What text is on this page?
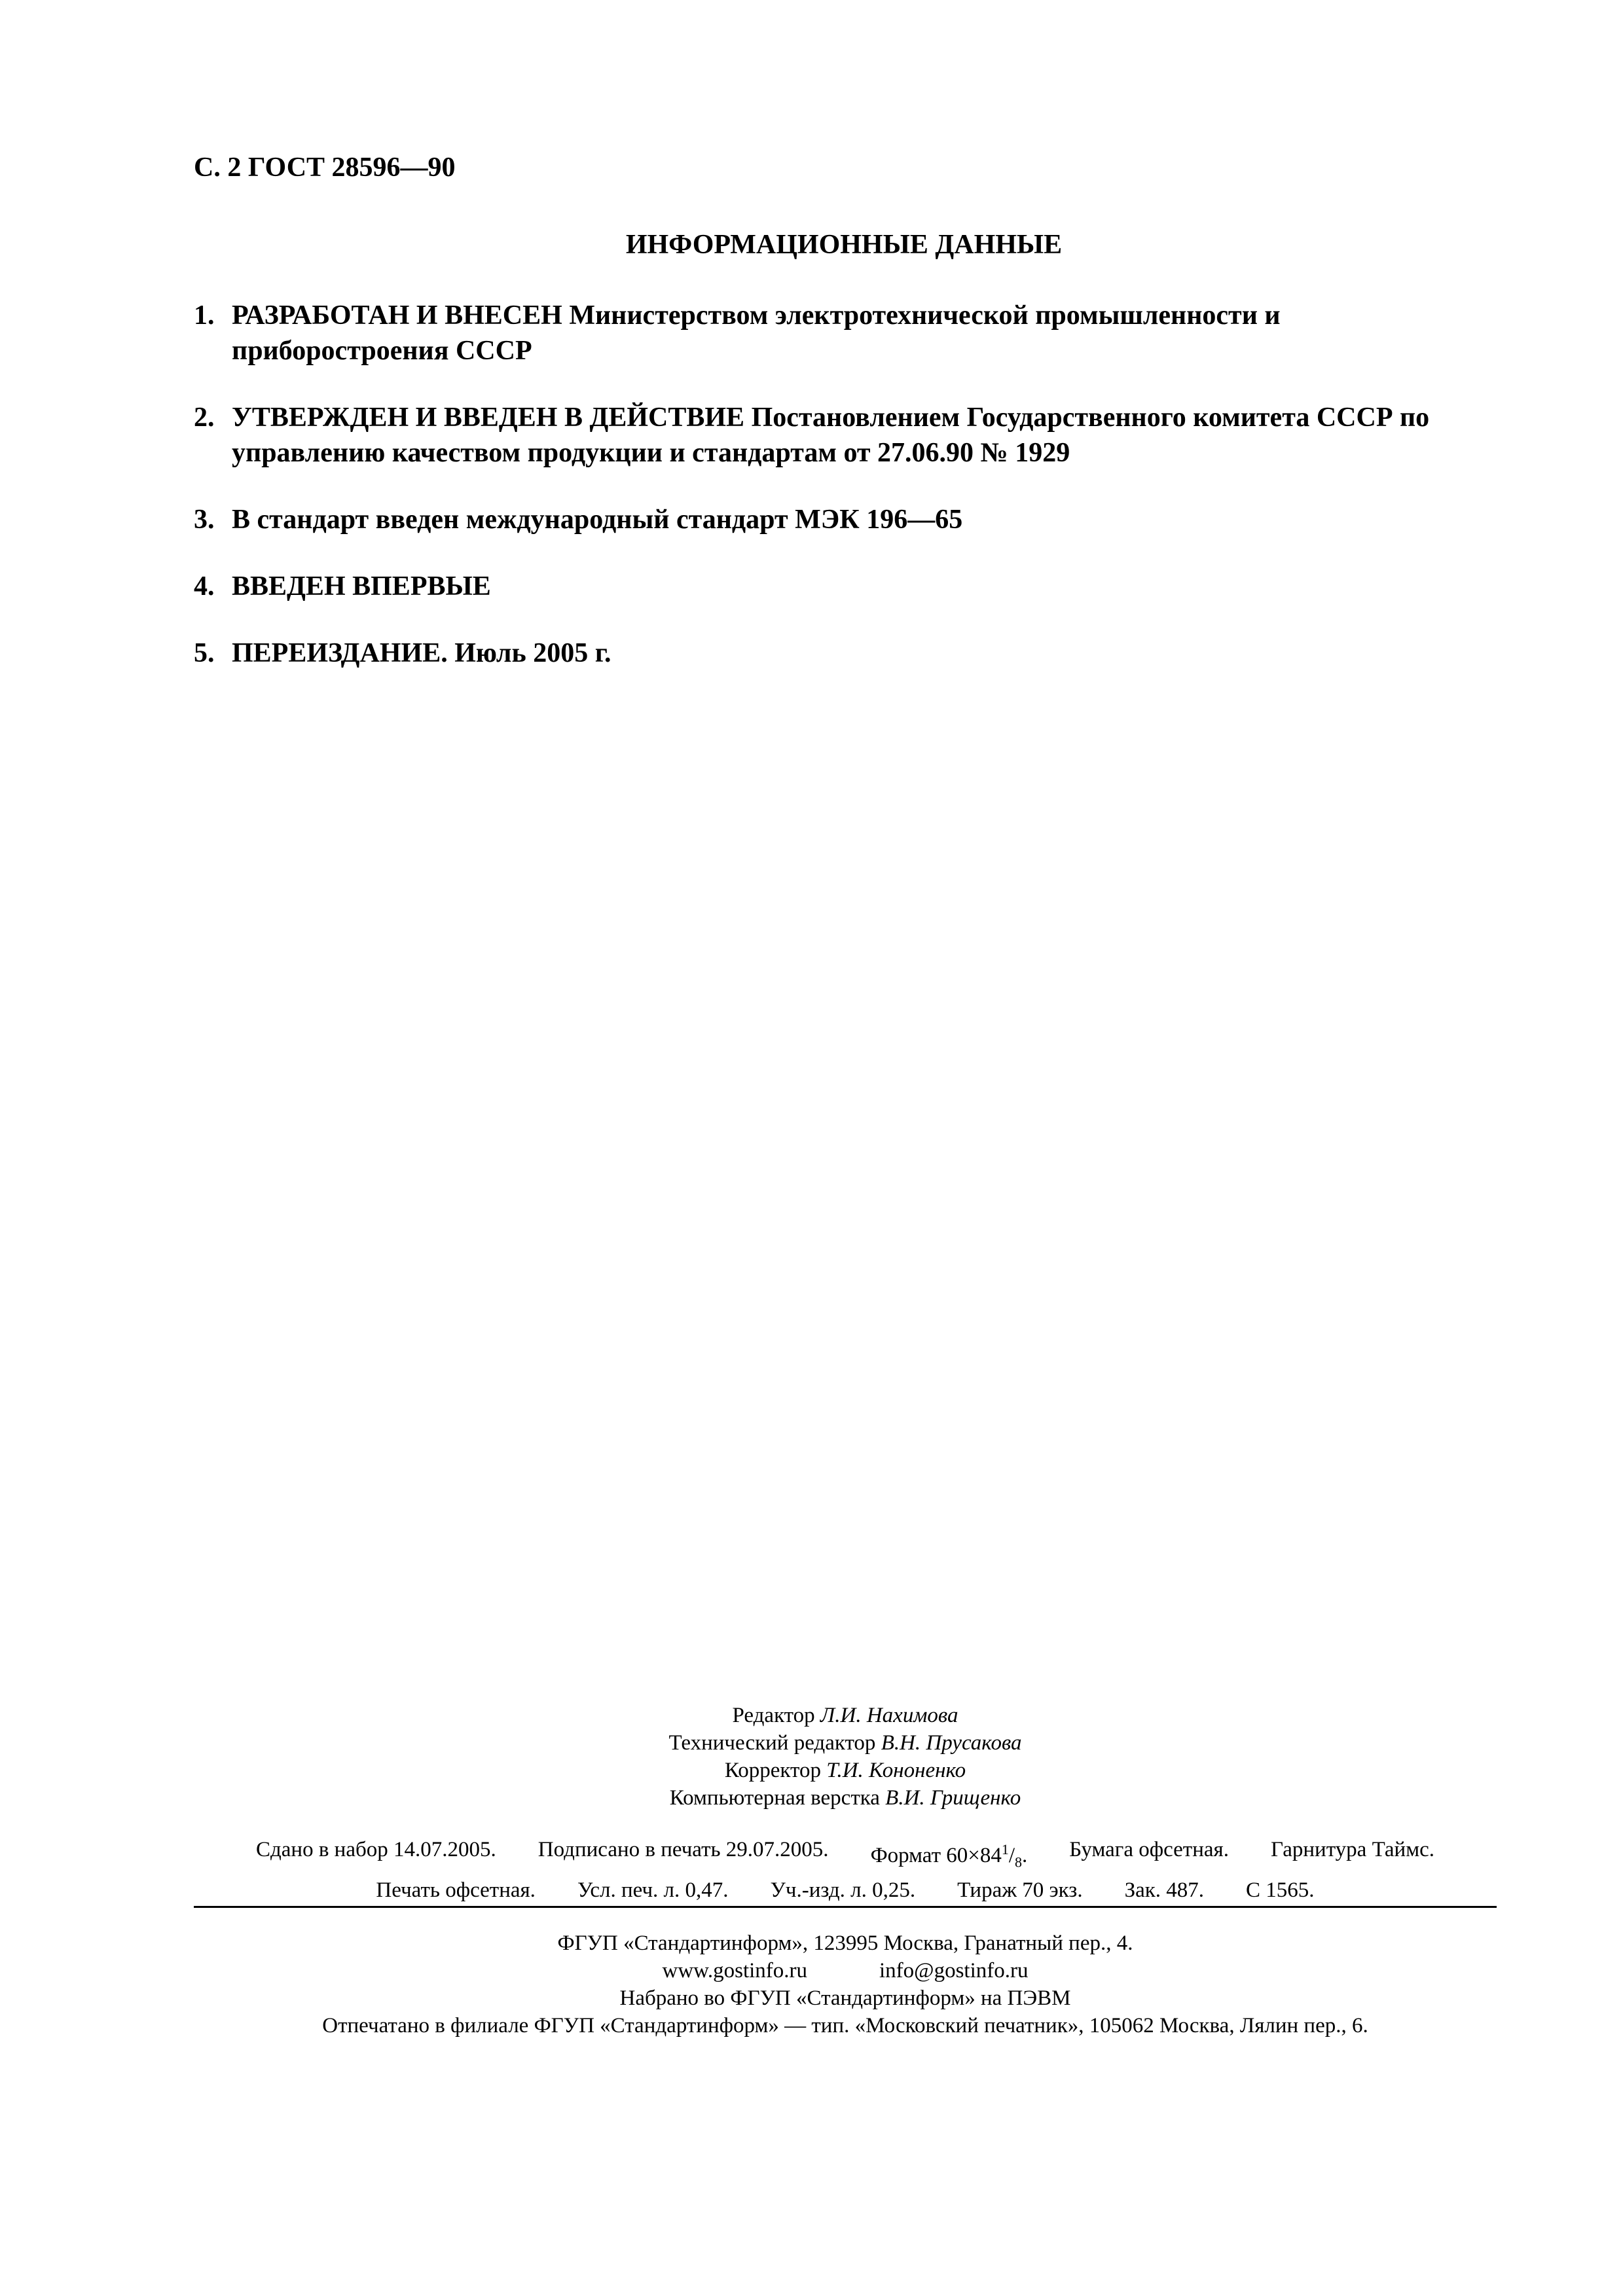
С. 2 ГОСТ 28596—90
ИНФОРМАЦИОННЫЕ ДАННЫЕ
1. РАЗРАБОТАН И ВНЕСЕН Министерством электротехнической промышленности и приборостроения СССР
2. УТВЕРЖДЕН И ВВЕДЕН В ДЕЙСТВИЕ Постановлением Государственного комитета СССР по управлению качеством продукции и стандартам от 27.06.90 № 1929
3. В стандарт введен международный стандарт МЭК 196—65
4. ВВЕДЕН ВПЕРВЫЕ
5. ПЕРЕИЗДАНИЕ. Июль 2005 г.
Редактор Л.И. Нахимова
Технический редактор В.Н. Прусакова
Корректор Т.И. Кононенко
Компьютерная верстка В.И. Грищенко
Сдано в набор 14.07.2005. Подписано в печать 29.07.2005. Формат $60\times 84^1/_8$. Бумага офсетная. Гарнитура Таймс.
Печать офсетная. Усл. печ. л. 0,47. Уч.-изд. л. 0,25. Тираж 70 экз. Зак. 487. С 1565.
ФГУП «Стандартинформ», 123995 Москва, Гранатный пер., 4.
www.gostinfo.ru	info@gostinfo.ru
Набрано во ФГУП «Стандартинформ» на ПЭВМ
Отпечатано в филиале ФГУП «Стандартинформ» — тип. «Московский печатник», 105062 Москва, Лялин пер., 6.
